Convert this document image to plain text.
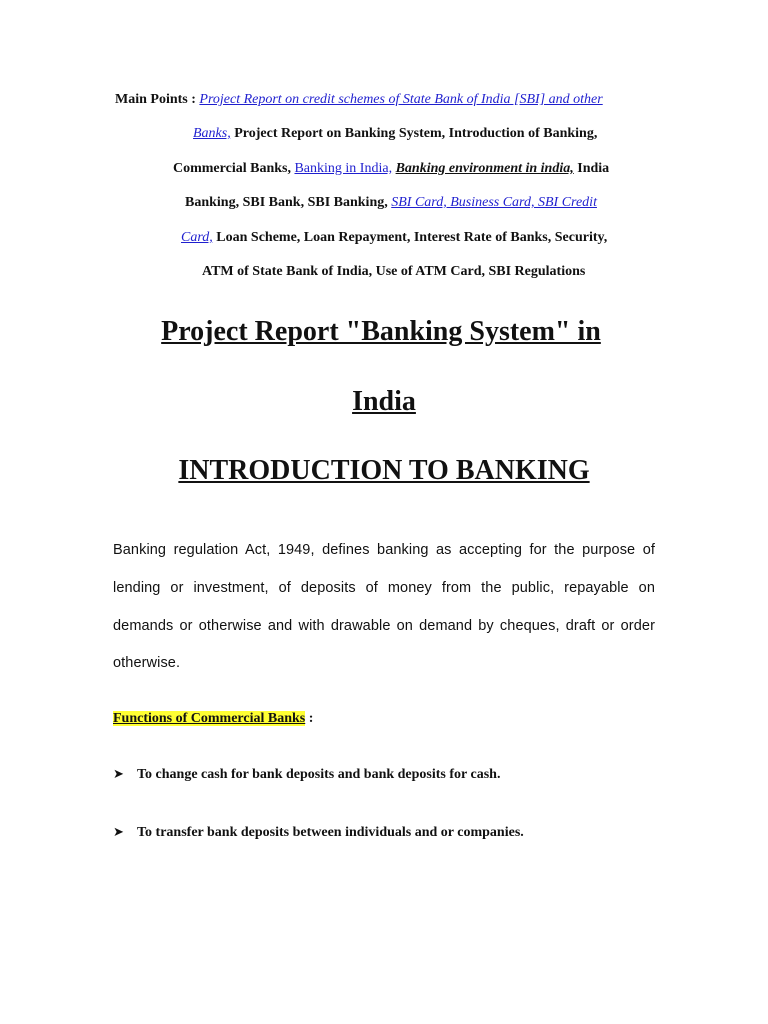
Main Points : Project Report on credit schemes of State Bank of India [SBI] and other
Banks, Project Report on Banking System, Introduction of Banking,
Commercial Banks, Banking in India, Banking environment in india, India
Banking, SBI Bank, SBI Banking, SBI Card, Business Card, SBI Credit
Card, Loan Scheme, Loan Repayment, Interest Rate of Banks, Security,
ATM of State Bank of India, Use of ATM Card, SBI Regulations
Project Report "Banking System" in
India
INTRODUCTION TO BANKING
Banking regulation Act, 1949, defines banking as accepting for the purpose of
lending or investment, of deposits of money from the public, repayable on
demands or otherwise and with drawable on demand by cheques, draft or order
otherwise.
Functions of Commercial Banks :
➤ To change cash for bank deposits and bank deposits for cash.
➤ To transfer bank deposits between individuals and or companies.
